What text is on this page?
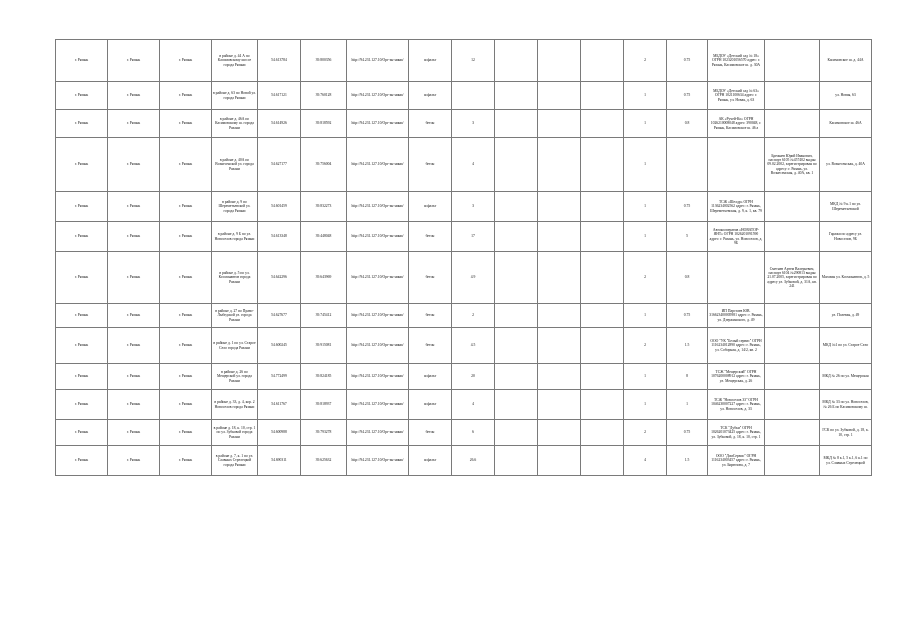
г. Рязань	г. Рязань	г. Рязань	в районе д. 44 А по Касимовскому шоссе города Рязани	54.613784	39.800356	http://94.231.127.10/Орг-ан-нини/	асфальт	12				2	0.75	МБДОУ «Детский сад № 18» ОГРН 1023201056570 адрес: г. Рязань, Касимовское ш. д. 30А		Касимовское ш. д. 44А
г. Рязань	г. Рязань	г. Рязань	в районе д. 63 по Новой ул. города Рязани	54.617121	39.760128	http://94.231.127.10/Орг-ан-нини/	асфальт					1	0.75	МБДОУ «Детский сад № 63» ОГРН 1021100634 адрес: г. Рязань, ул. Новая, д. 63		ул. Новая, 63
г. Рязань	г. Рязань	г. Рязань	в районе д. 46А по Касимовскому ш. города Рязани	54.614926	39.818592	http://94.231.127.10/Орг-ан-нини/	бетон	3				1	0.8	АК «Ручей-Ко» ОГРН 1026210008048 адрес: 390048, г. Рязань, Касимовское ш. 46 а		Касимовское ш. 46А
г. Рязань	г. Рязань	г. Рязань	в районе д. 40А по Вознесенской ул. города Рязани	54.627177	39.756004	http://94.231.127.10/Орг-ан-нини/	бетон	4				1			Брежнев Юрий Иванович, паспорт 6105 №457402 выдан 09.02.2002, зарегистрирован по адресу: г. Рязань, ул. Вознесенская, д. 40А, кв. 1	ул. Вознесенская, д. 40А
г. Рязань	г. Рязань	г. Рязань	в районе д. 9 по Шереметьевской ул. города Рязани	54.601459	39.832273	http://94.231.127.10/Орг-ан-нини/	асфальт	3				1	0.75	ТСЖ «Шелдр» ОГРН 1136234002562 адрес: г. Рязань, Шереметьевская, д. 9, к. 1, кв. 79		МКД № 9 к.1 по ул. Шереметьевской
г. Рязань	г. Рязань	г. Рязань	в районе д. 9 Б по ул. Новоселов города Рязани	54.613348	39.448048	http://94.231.127.10/Орг-ан-нини/	бетон	17				1	5	Автокооператив «НОВАТОР-ЯНТ» ОГРН 1026201091590 адрес: г. Рязань, ул. Новоселов, д. 9Б		Гаражи по адресу ул. Новоселов, 9Б
г. Рязань	г. Рязань	г. Рязань	в районе д. 5 по ул. Космонавтов города Рязани	54.642296	39.643969	http://94.231.127.10/Орг-ан-нини/	бетон	4.9				2	0.8		Сметнев Артем Валерьевич, паспорт 6104 №290813 выдан 21.07.2005, зарегистрирован по адресу ул. Зубковой, д. 31А, кв. 241	Магазин ул. Космонавтов, д. 5
г. Рязань	г. Рязань	г. Рязань	в районе д. 27 по Право-Лыбедской ул. города Рязани	54.627677	39.745412	http://94.231.127.10/Орг-ан-нини/	бетон	2				1	0.75	ИП Парстаев ЮВ. 316623400005981 адрес: г. Рязань, ул. Дзержинского, д. 49		ул. Полевая, д. 49
г. Рязань	г. Рязань	г. Рязань	в районе д. 1 по ул. Старое Село города Рязани	54.600245	39.915081	http://94.231.127.10/Орг-ан-нини/	бетон	4.5				2	1.5	ООО "УК "Белый сервис" ОГРН 1116234012890 адрес: г. Рязань, ул. Соборная, д. 14/2, кв. 2		МКД №1 по ул. Старое Село
г. Рязань	г. Рязань	г. Рязань	в районе д. 26 по Мещерской ул. города Рязани	54.772499	39.824185	http://94.231.127.10/Орг-ан-нини/	асфальт	20				1	8	ТСЖ "Мещерский" ОГРН 1076200008912 адрес: г. Рязань, ул. Мещерская, д. 26		МКД № 26 по ул. Мещерская
г. Рязань	г. Рязань	г. Рязань	в районе д. 33, д. 4, кор. 2 Новоселов города Рязани	54.611767	39.818937	http://94.231.127.10/Орг-ан-нини/	асфальт	4				1	1	ТСЖ "Новоселов 33" ОГРН 1046230007227 адрес: г. Рязань, ул. Новоселов, д. 33		МКД № 33 по ул. Новоселов, № 26 Б по Касимовскому ш.
г. Рязань	г. Рязань	г. Рязань	в районе д. 18, к. 10, стр. 1 по ул. Зубковой города Рязани	54.600988	39.793278	http://94.231.127.10/Орг-ан-нини/	бетон	6				2	0.75	ТСК "Дубки" ОГРН 1026201073425 адрес: г. Рязань, ул. Зубковой, д. 18, к. 10, стр. 1		ГСК по ул. Зубковой, д. 18, к. 10, стр. 1
г. Рязань	г. Рязань	г. Рязань	в районе д. 7, к. 1 по ул. Славных Стрелецкой города Рязани	54.690311	39.625632	http://94.231.127.10/Орг-ан-нини/	асфальт	26.6				4	1.5	ООО "ДомСервис" ОГРН 1116234003457 адрес: г. Рязань, ул. Бирюзова, д. 7		МКД № 8 к.1, 5 к.1, 6 к.1 по ул. Славных Стрелецкой
